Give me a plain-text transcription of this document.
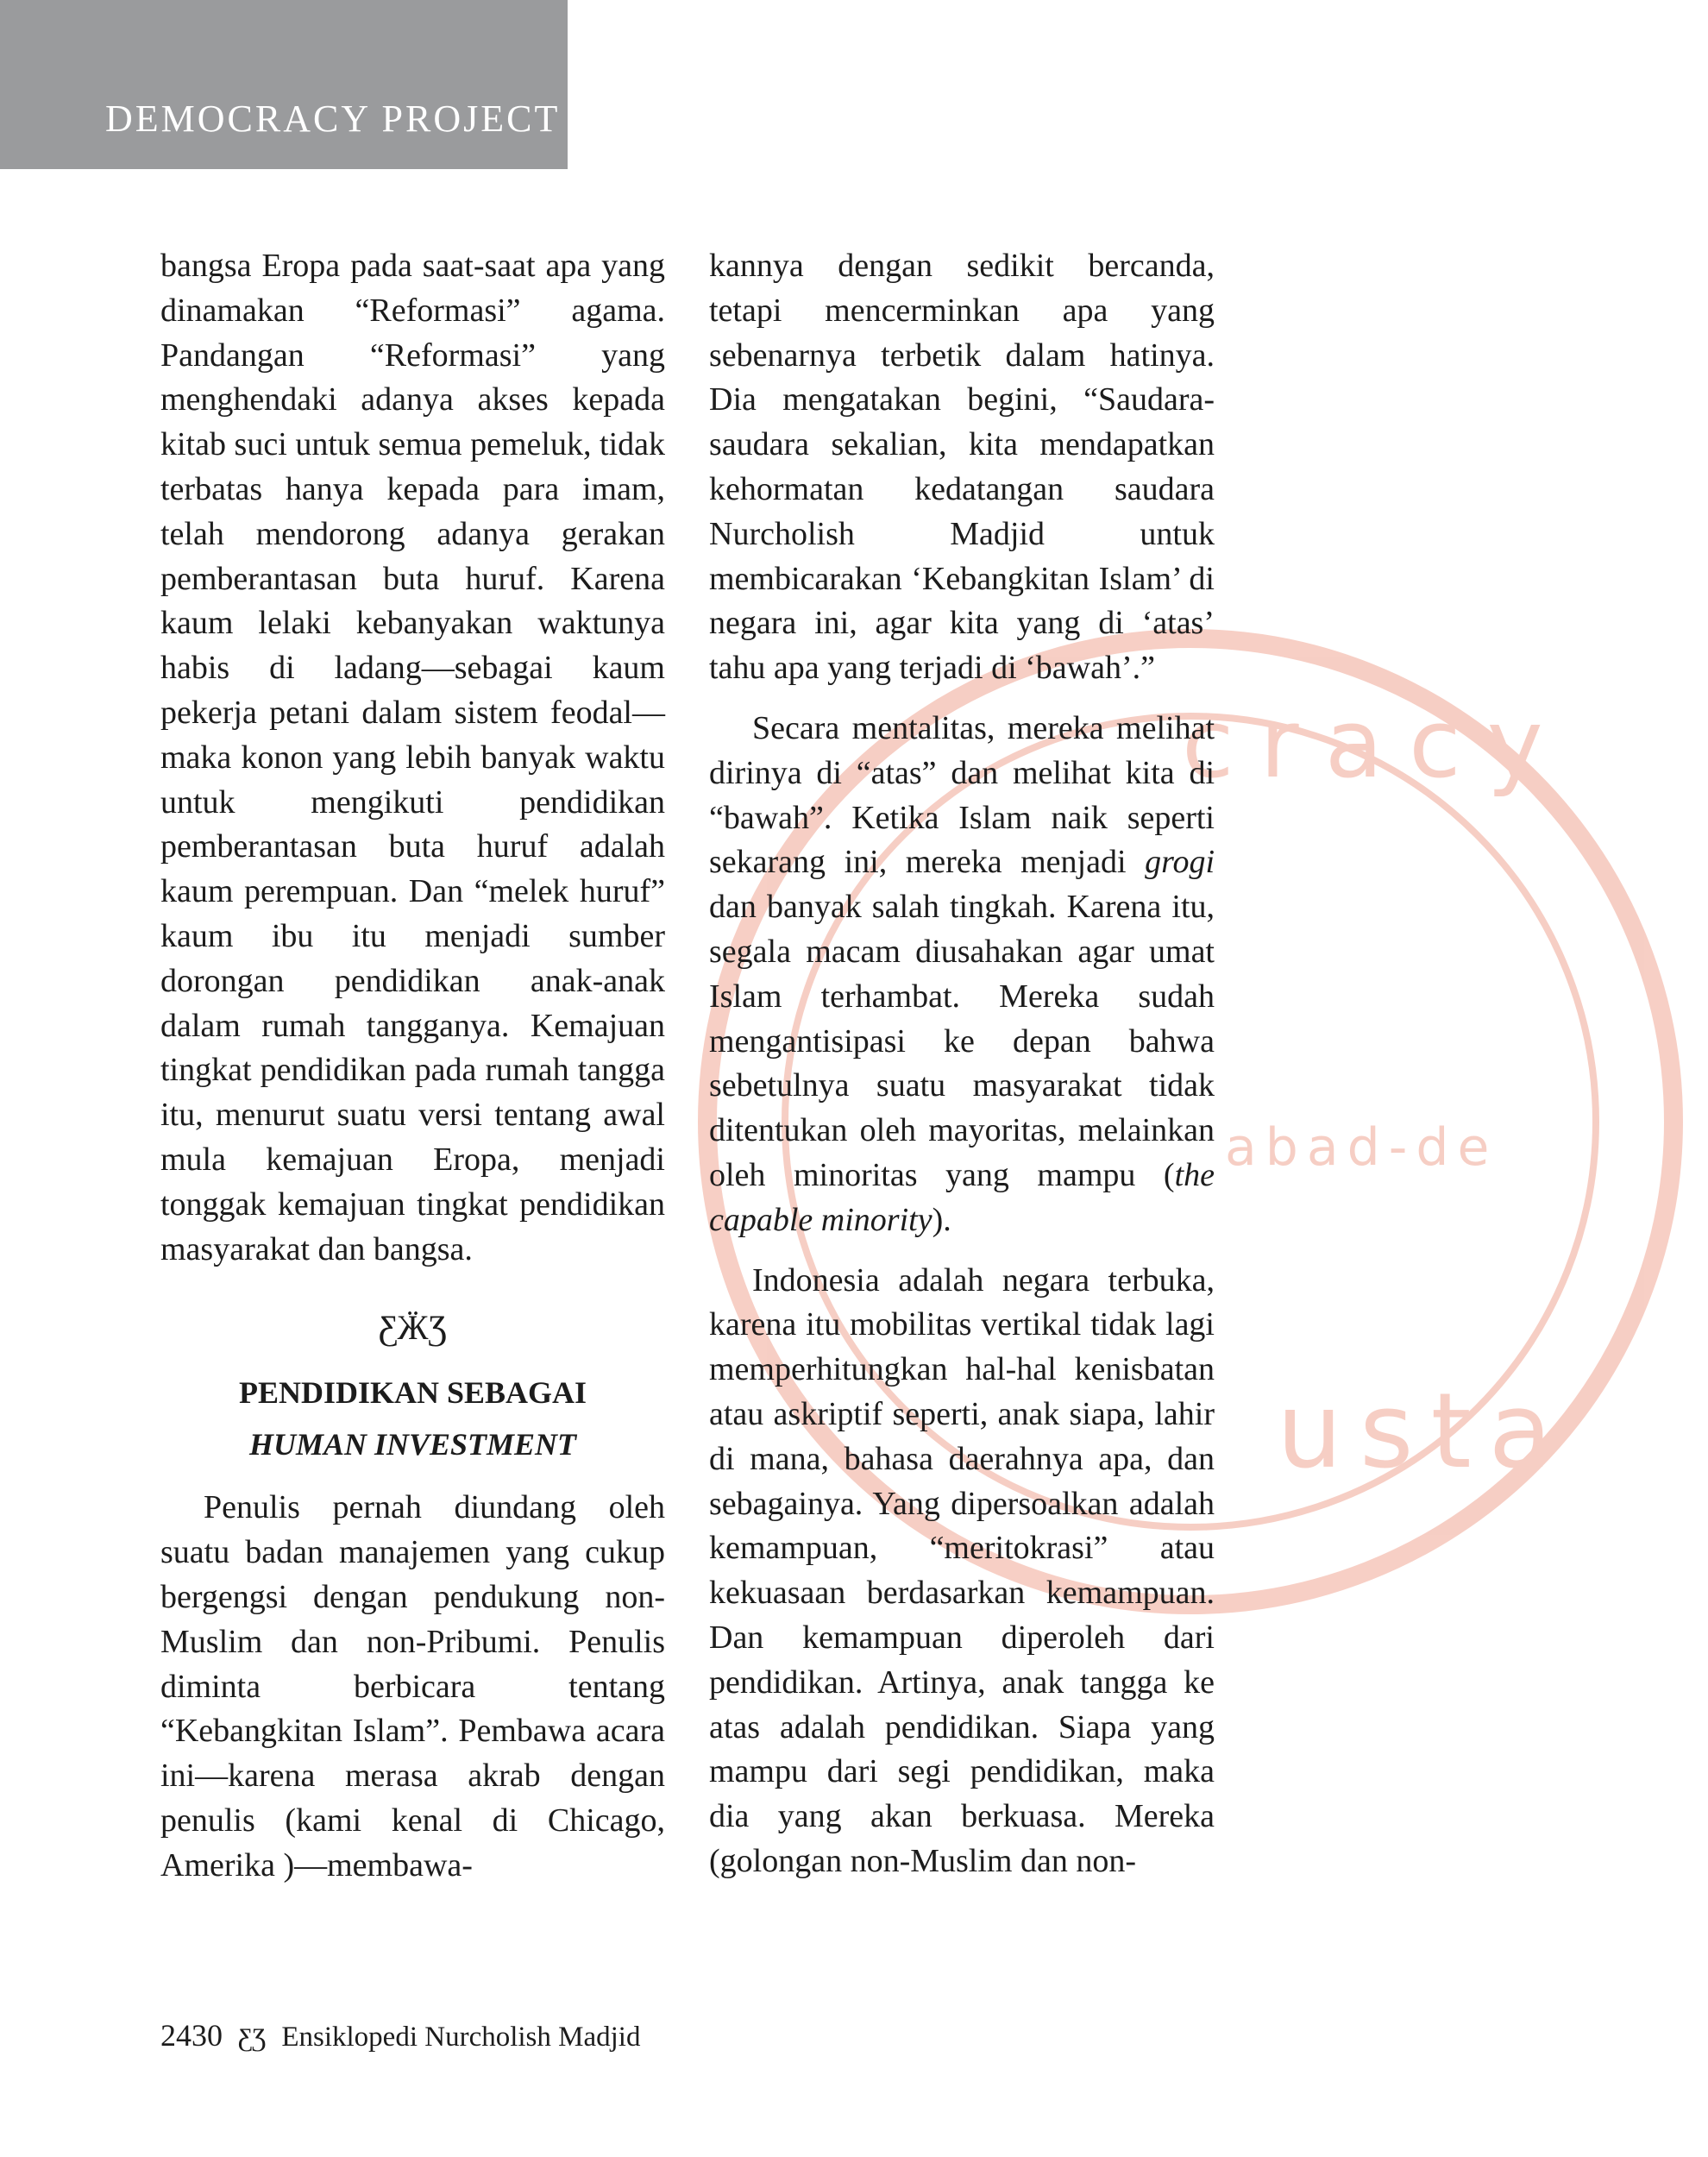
DEMOCRACY PROJECT
cracy
abad-de
usta

bangsa Eropa pada saat-saat apa yang dinamakan “Reformasi” agama. Pandangan “Reformasi” yang menghendaki adanya akses kepada kitab suci untuk semua pemeluk, tidak terbatas hanya kepada para imam, telah mendorong adanya gerakan pemberantasan buta huruf. Karena kaum lelaki kebanyakan waktunya habis di ladang—sebagai kaum pekerja petani dalam sistem feodal—maka konon yang lebih banyak waktu untuk mengikuti pendidikan pemberantasan buta huruf adalah kaum perempuan. Dan “melek huruf” kaum ibu itu menjadi sumber dorongan pendidikan anak-anak dalam rumah tangganya. Kemajuan tingkat pendidikan pada rumah tangga itu, menurut suatu versi tentang awal mula kemajuan Eropa, menjadi tonggak kemajuan tingkat pendidikan masyarakat dan bangsa.

ƸӜƷ
PENDIDIKAN SEBAGAI
HUMAN INVESTMENT

Penulis pernah diundang oleh suatu badan manajemen yang cukup bergengsi dengan pendukung non-Muslim dan non-Pribumi. Penulis diminta berbicara tentang “Kebangkitan Islam”. Pembawa acara ini—karena merasa akrab dengan penulis (kami kenal di Chicago, Amerika )—membawa-

kannya dengan sedikit bercanda, tetapi mencerminkan apa yang sebenarnya terbetik dalam hatinya. Dia mengatakan begini, “Saudara-saudara sekalian, kita mendapatkan kehormatan kedatangan saudara Nurcholish Madjid untuk membicarakan ‘Kebangkitan Islam’ di negara ini, agar kita yang di ‘atas’ tahu apa yang terjadi di ‘bawah’.”

Secara mentalitas, mereka melihat dirinya di “atas” dan melihat kita di “bawah”. Ketika Islam naik seperti sekarang ini, mereka menjadi grogi dan banyak salah tingkah. Karena itu, segala macam diusahakan agar umat Islam terhambat. Mereka sudah mengantisipasi ke depan bahwa sebetulnya suatu masyarakat tidak ditentukan oleh mayoritas, melainkan oleh minoritas yang mampu (the capable minority).

Indonesia adalah negara terbuka, karena itu mobilitas vertikal tidak lagi memperhitungkan hal-hal kenisbatan atau askriptif seperti, anak siapa, lahir di mana, bahasa daerahnya apa, dan sebagainya. Yang dipersoalkan adalah kemampuan, “meritokrasi” atau kekuasaan berdasarkan kemampuan. Dan kemampuan diperoleh dari pendidikan. Artinya, anak tangga ke atas adalah pendidikan. Siapa yang mampu dari segi pendidikan, maka dia yang akan berkuasa. Mereka (golongan non-Muslim dan non-

2430 ƸƷ Ensiklopedi Nurcholish Madjid
